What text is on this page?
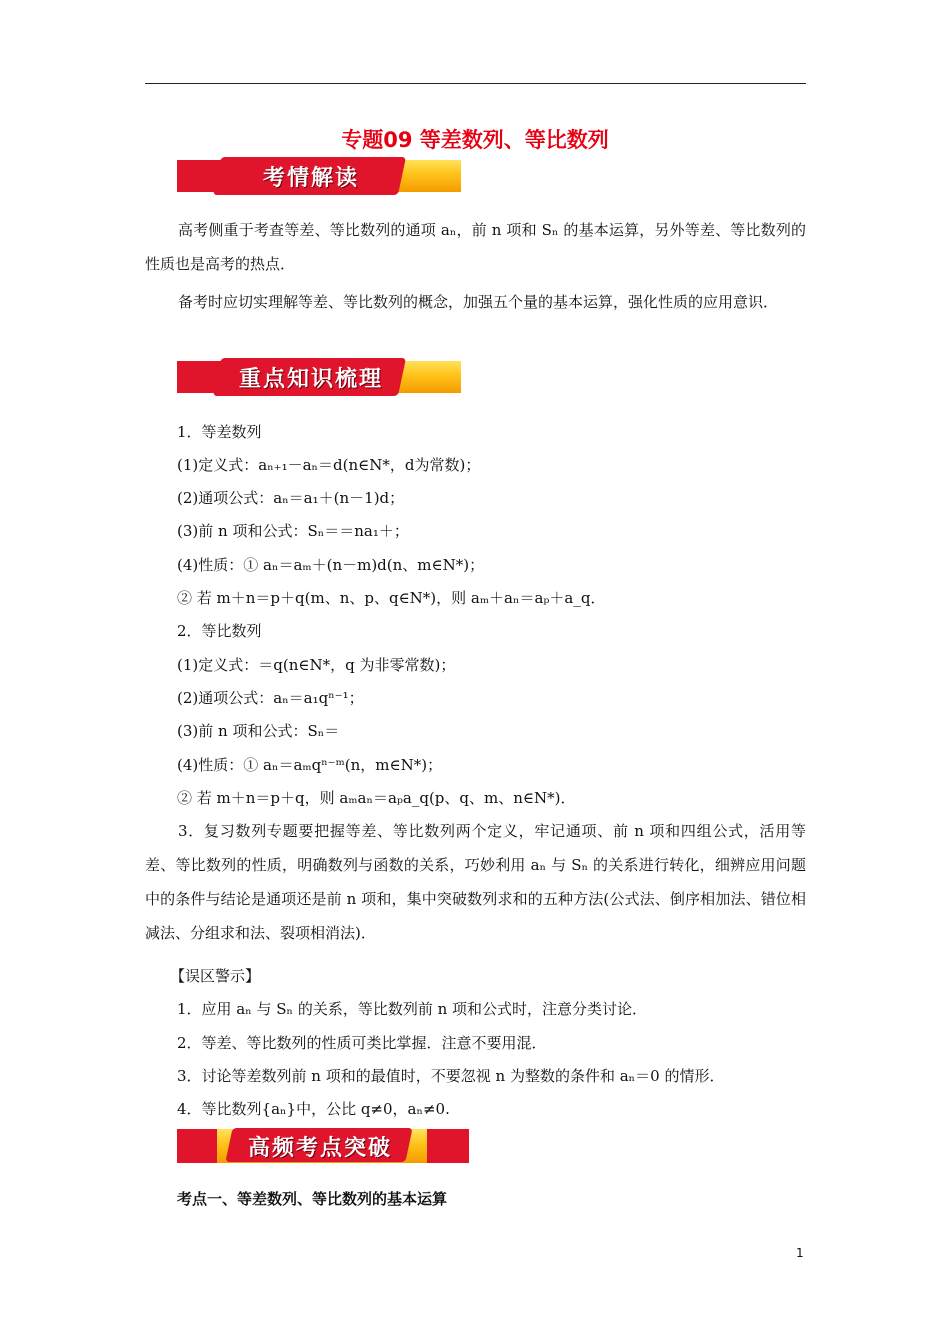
专题09 等差数列、等比数列
考情解读
高考侧重于考查等差、等比数列的通项 aₙ，前 n 项和 Sₙ 的基本运算，另外等差、等比数列的性质也是高考的热点．
备考时应切实理解等差、等比数列的概念，加强五个量的基本运算，强化性质的应用意识．
重点知识梳理
1．等差数列
(1)定义式：aₙ₊₁－aₙ＝d(n∈N*，d为常数)；
(2)通项公式：aₙ＝a₁＋(n－1)d；
(3)前 n 项和公式：Sₙ＝＝na₁＋；
(4)性质：① aₙ＝aₘ＋(n－m)d(n、m∈N*)；
② 若 m＋n＝p＋q(m、n、p、q∈N*)，则 aₘ＋aₙ＝aₚ＋a_q．
2．等比数列
(1)定义式：＝q(n∈N*，q 为非零常数)；
(2)通项公式：aₙ＝a₁qⁿ⁻¹；
(3)前 n 项和公式：Sₙ＝
(4)性质：① aₙ＝aₘqⁿ⁻ᵐ(n，m∈N*)；
② 若 m＋n＝p＋q，则 aₘaₙ＝aₚa_q(p、q、m、n∈N*)．
3．复习数列专题要把握等差、等比数列两个定义，牢记通项、前 n 项和四组公式，活用等差、等比数列的性质，明确数列与函数的关系，巧妙利用 aₙ 与 Sₙ 的关系进行转化，细辨应用问题中的条件与结论是通项还是前 n 项和，集中突破数列求和的五种方法(公式法、倒序相加法、错位相减法、分组求和法、裂项相消法)．
【误区警示】
1．应用 aₙ 与 Sₙ 的关系，等比数列前 n 项和公式时，注意分类讨论．
2．等差、等比数列的性质可类比掌握．注意不要用混．
3．讨论等差数列前 n 项和的最值时，不要忽视 n 为整数的条件和 aₙ＝0 的情形．
4．等比数列{aₙ}中，公比 q≠0，aₙ≠0.
高频考点突破
考点一、等差数列、等比数列的基本运算
1
